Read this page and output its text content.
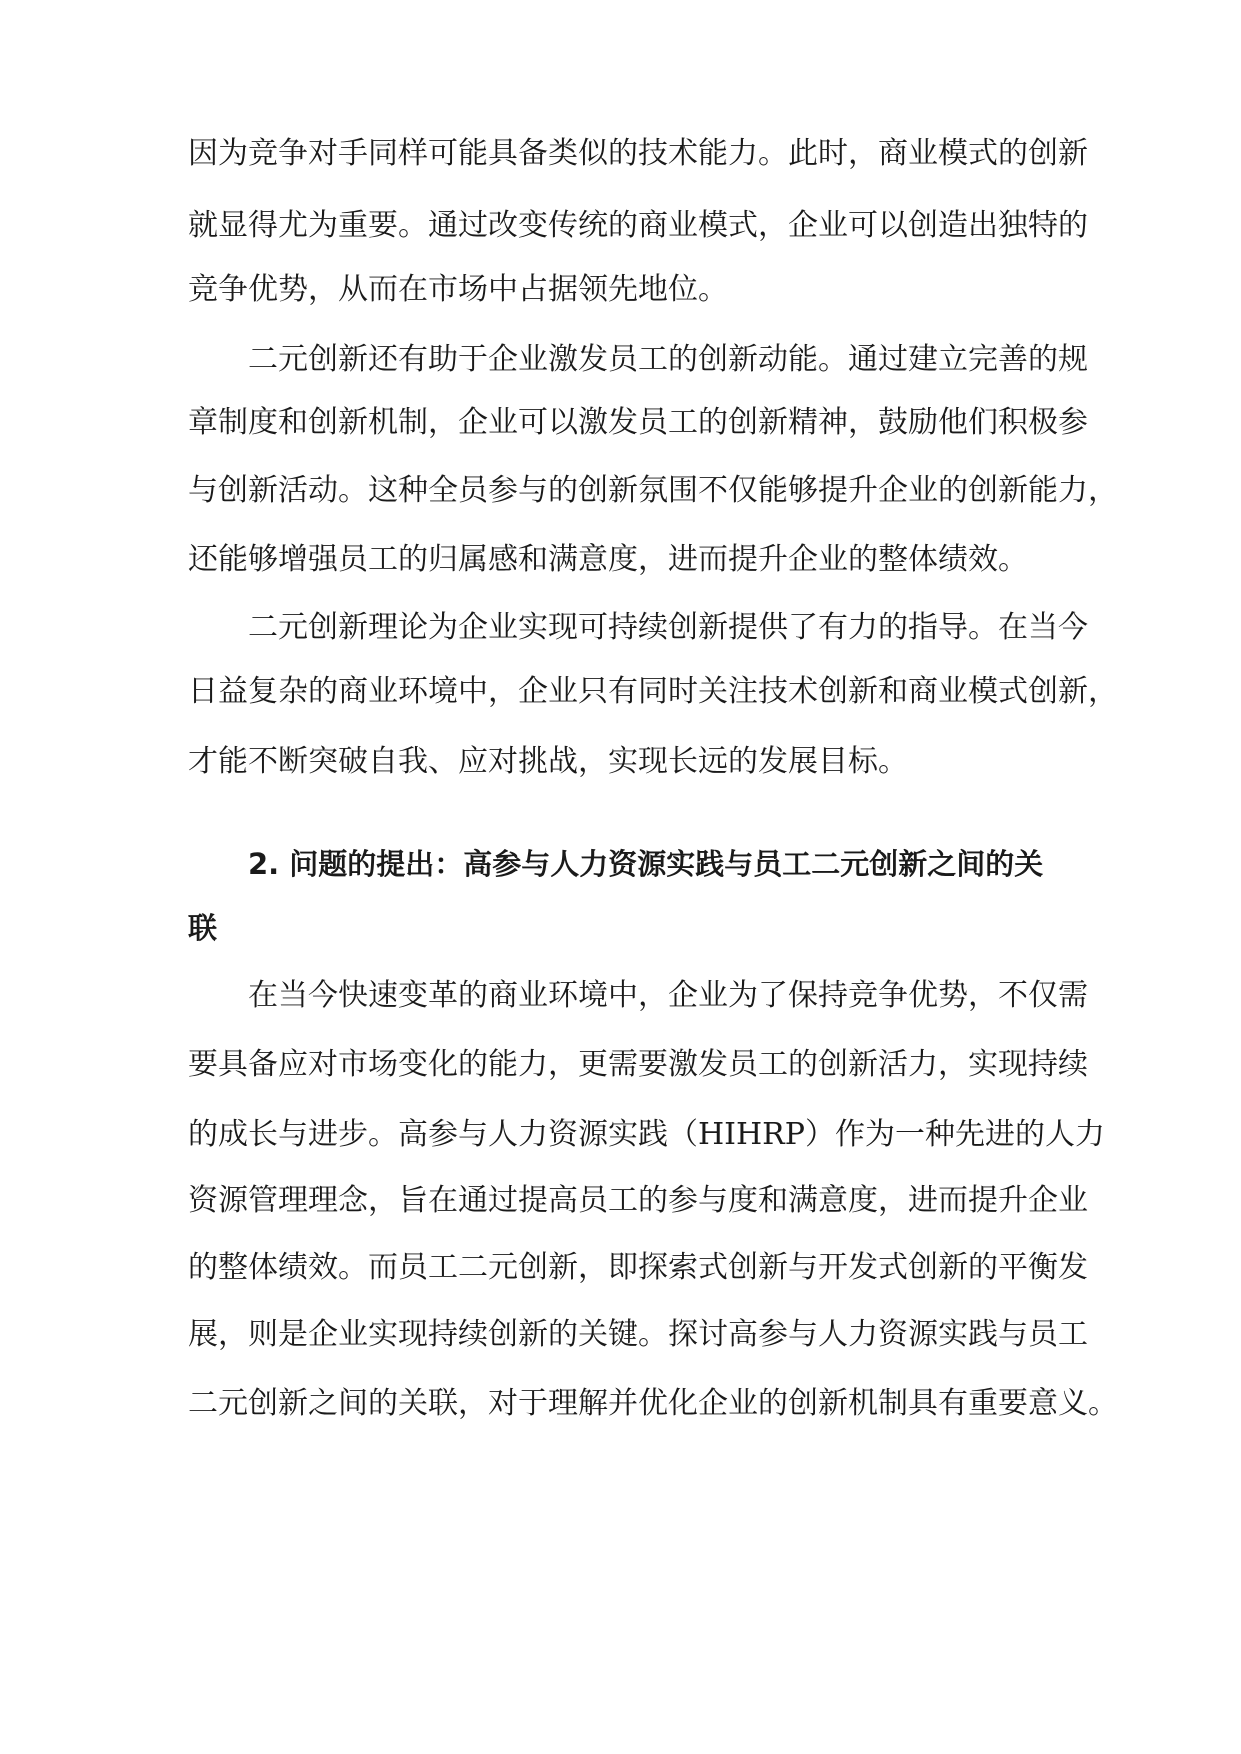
因为竞争对手同样可能具备类似的技术能力。此时，商业模式的创新
就显得尤为重要。通过改变传统的商业模式，企业可以创造出独特的
竞争优势，从而在市场中占据领先地位。
二元创新还有助于企业激发员工的创新动能。通过建立完善的规
章制度和创新机制，企业可以激发员工的创新精神，鼓励他们积极参
与创新活动。这种全员参与的创新氛围不仅能够提升企业的创新能力，
还能够增强员工的归属感和满意度，进而提升企业的整体绩效。
二元创新理论为企业实现可持续创新提供了有力的指导。在当今
日益复杂的商业环境中，企业只有同时关注技术创新和商业模式创新，
才能不断突破自我、应对挑战，实现长远的发展目标。
2. 问题的提出：高参与人力资源实践与员工二元创新之间的关
联
在当今快速变革的商业环境中，企业为了保持竞争优势，不仅需
要具备应对市场变化的能力，更需要激发员工的创新活力，实现持续
的成长与进步。高参与人力资源实践（HIHRP）作为一种先进的人力
资源管理理念，旨在通过提高员工的参与度和满意度，进而提升企业
的整体绩效。而员工二元创新，即探索式创新与开发式创新的平衡发
展，则是企业实现持续创新的关键。探讨高参与人力资源实践与员工
二元创新之间的关联，对于理解并优化企业的创新机制具有重要意义。
